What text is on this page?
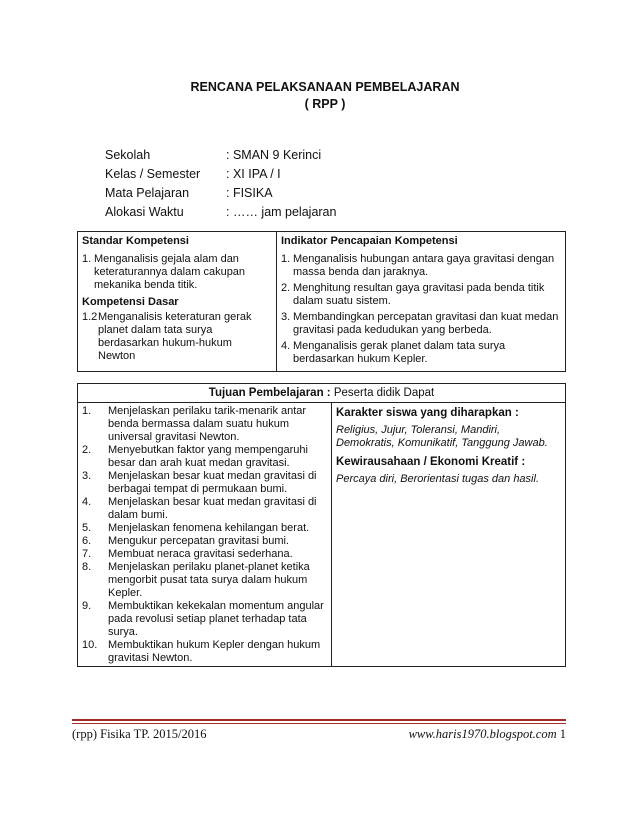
RENCANA PELAKSANAAN PEMBELAJARAN
( RPP )
Sekolah	: SMAN 9 Kerinci
Kelas / Semester	: XI IPA / I
Mata Pelajaran	: FISIKA
Alokasi Waktu	: …… jam pelajaran
Standar Kompetensi
1. Menganalisis gejala alam dan keteraturannya dalam cakupan mekanika benda titik.
Kompetensi Dasar
1.2 Menganalisis keteraturan gerak planet dalam tata surya berdasarkan hukum-hukum Newton

Indikator Pencapaian Kompetensi
1. Menganalisis hubungan antara gaya gravitasi dengan massa benda dan jaraknya.
2. Menghitung resultan gaya gravitasi pada benda titik dalam suatu sistem.
3. Membandingkan percepatan gravitasi dan kuat medan gravitasi pada kedudukan yang berbeda.
4. Menganalisis gerak planet dalam tata surya berdasarkan hukum Kepler.
Tujuan Pembelajaran : Peserta didik Dapat

1.	Menjelaskan perilaku tarik-menarik antar benda bermassa dalam suatu hukum universal gravitasi Newton.
2.	Menyebutkan faktor yang mempengaruhi besar dan arah kuat medan gravitasi.
3.	Menjelaskan besar kuat medan gravitasi di berbagai tempat di permukaan bumi.
4.	Menjelaskan besar kuat medan gravitasi di dalam bumi.
5.	Menjelaskan fenomena kehilangan berat.
6.	Mengukur percepatan gravitasi bumi.
7.	Membuat neraca gravitasi sederhana.
8.	Menjelaskan perilaku planet-planet ketika mengorbit pusat tata surya dalam hukum Kepler.
9.	Membuktikan kekekalan momentum angular pada revolusi setiap planet terhadap tata surya.
10. Membuktikan hukum Kepler dengan hukum gravitasi Newton.

Karakter siswa yang diharapkan :
Religius, Jujur, Toleransi, Mandiri, Demokratis, Komunikatif, Tanggung Jawab.
Kewirausahaan / Ekonomi Kreatif :
Percaya diri, Berorientasi tugas dan hasil.
(rpp) Fisika TP. 2015/2016	www.haris1970.blogspot.com 1
